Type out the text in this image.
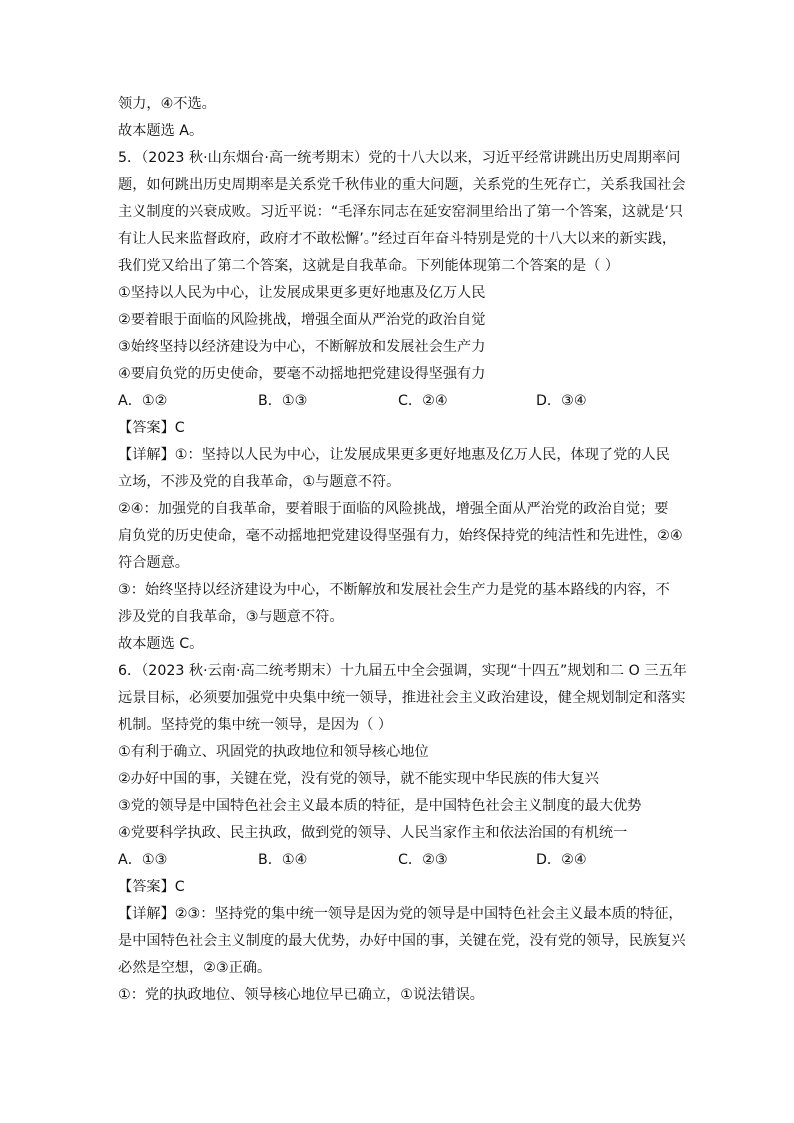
领力，④不选。
故本题选 A。
5．（2023 秋·山东烟台·高一统考期末）党的十八大以来，习近平经常讲跳出历史周期率问
题，如何跳出历史周期率是关系党千秋伟业的重大问题，关系党的生死存亡，关系我国社会
主义制度的兴衰成败。习近平说：“毛泽东同志在延安窑洞里给出了第一个答案，这就是‘只
有让人民来监督政府，政府才不敢松懈’。”经过百年奋斗特别是党的十八大以来的新实践，
我们党又给出了第二个答案，这就是自我革命。下列能体现第二个答案的是（ ）
①坚持以人民为中心，让发展成果更多更好地惠及亿万人民
②要着眼于面临的风险挑战，增强全面从严治党的政治自觉
③始终坚持以经济建设为中心，不断解放和发展社会生产力
④要肩负党的历史使命，要毫不动摇地把党建设得坚强有力
A．①②	B．①③	C．②④	D．③④
【答案】C
【详解】①：坚持以人民为中心，让发展成果更多更好地惠及亿万人民，体现了党的人民
立场，不涉及党的自我革命，①与题意不符。
②④：加强党的自我革命，要着眼于面临的风险挑战，增强全面从严治党的政治自觉；要
肩负党的历史使命，毫不动摇地把党建设得坚强有力，始终保持党的纯洁性和先进性，②④
符合题意。
③：始终坚持以经济建设为中心，不断解放和发展社会生产力是党的基本路线的内容，不
涉及党的自我革命，③与题意不符。
故本题选 C。
6．（2023 秋·云南·高二统考期末）十九届五中全会强调，实现“十四五”规划和二 O 三五年
远景目标，必须要加强党中央集中统一领导，推进社会主义政治建设，健全规划制定和落实
机制。坚持党的集中统一领导，是因为（ ）
①有利于确立、巩固党的执政地位和领导核心地位
②办好中国的事，关键在党，没有党的领导，就不能实现中华民族的伟大复兴
③党的领导是中国特色社会主义最本质的特征，是中国特色社会主义制度的最大优势
④党要科学执政、民主执政，做到党的领导、人民当家作主和依法治国的有机统一
A．①③	B．①④	C．②③	D．②④
【答案】C
【详解】②③：坚持党的集中统一领导是因为党的领导是中国特色社会主义最本质的特征，
是中国特色社会主义制度的最大优势，办好中国的事，关键在党，没有党的领导，民族复兴
必然是空想，②③正确。
①：党的执政地位、领导核心地位早已确立，①说法错误。
